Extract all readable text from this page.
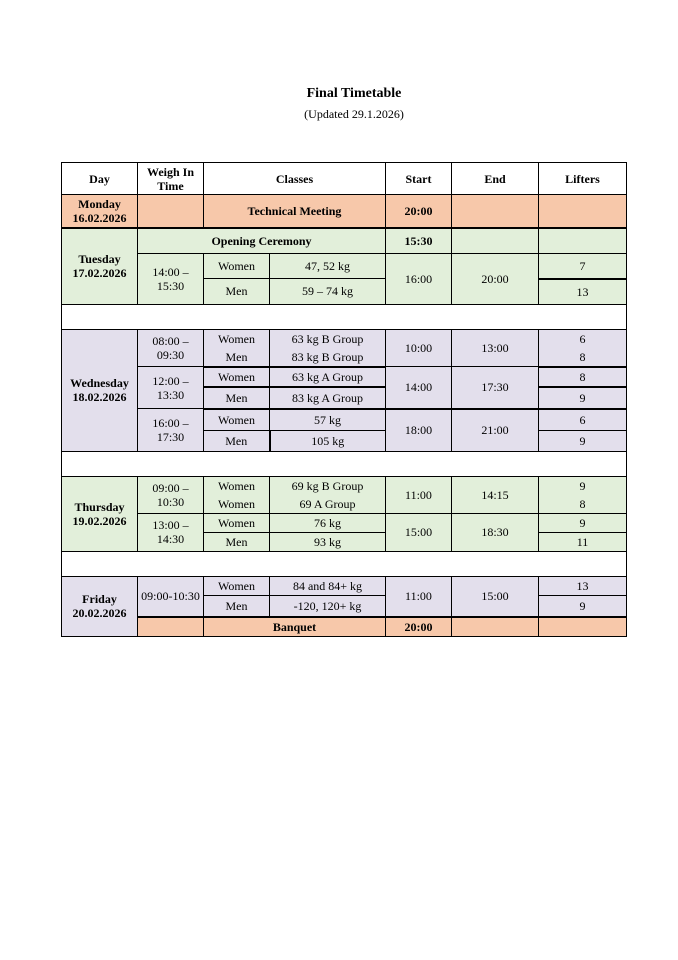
Final Timetable
(Updated 29.1.2026)
Day	Weigh In Time	Classes		Start	End	Lifters
Monday 16.02.2026		Technical Meeting		20:00		
Tuesday 17.02.2026	Opening Ceremony			15:30		
	14:00 – 15:30	Women	47, 52 kg	16:00	20:00	7
		Men	59 – 74 kg			13

Wednesday 18.02.2026	08:00 – 09:30	Women	63 kg B Group	10:00	13:00	6
		Men	83 kg B Group			8
	12:00 – 13:30	Women	63 kg A Group	14:00	17:30	8
		Men	83 kg A Group			9
	16:00 – 17:30	Women	57 kg	18:00	21:00	6
		Men	105 kg			9

Thursday 19.02.2026	09:00 – 10:30	Women	69 kg B Group	11:00	14:15	9
		Women	69 A Group			8
	13:00 – 14:30	Women	76 kg	15:00	18:30	9
		Men	93 kg			11

Friday 20.02.2026	09:00-10:30	Women	84 and 84+ kg	11:00	15:00	13
		Men	-120, 120+ kg			9
		Banquet		20:00		
